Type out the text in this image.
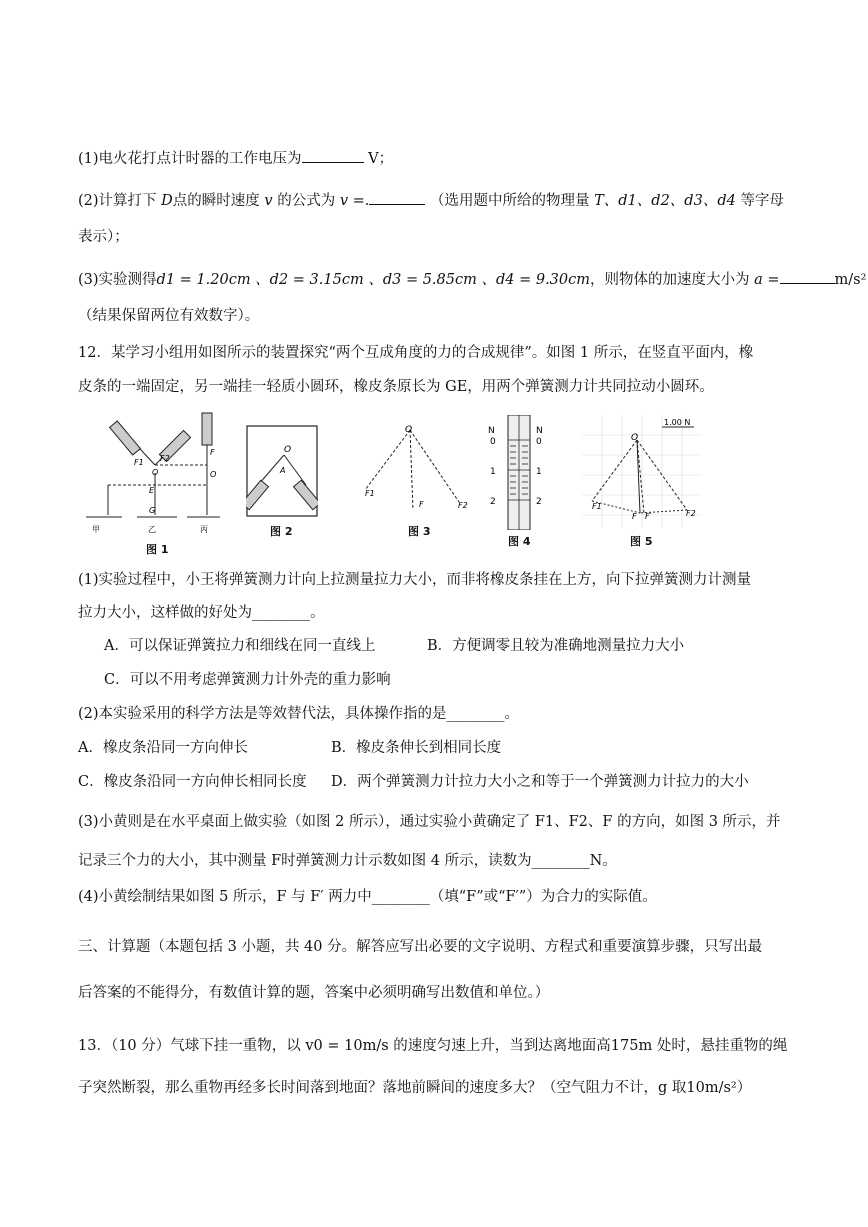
(1)电火花打点计时器的工作电压为	V；
(2)计算打下 D点的瞬时速度 v 的公式为 v =.	（选用题中所给的物理量 T、d1、d2、d3、d4 等字母
表示）；
(3)实验测得d1 = 1.20cm 、d2 = 3.15cm 、d3 = 5.85cm 、d4 = 9.30cm，则物体的加速度大小为 a =	m/s²
（结果保留两位有效数字）。
12．某学习小组用如图所示的装置探究“两个互成角度的力的合成规律”。如图 1 所示，在竖直平面内，橡
皮条的一端固定，另一端挂一轻质小圆环，橡皮条原长为 GE，用两个弹簧测力计共同拉动小圆环。
甲	乙	丙
O
E
G
O
F
F1 F2
图 1
O
A
图 2
O
F1
F	F2
图 3
N	N
0	0
1	1
2	2
图 4
1.00 N
O
F1
F F′	F2
图 5
(1)实验过程中，小王将弹簧测力计向上拉测量拉力大小，而非将橡皮条挂在上方，向下拉弹簧测力计测量
拉力大小，这样做的好处为________。
A．可以保证弹簧拉力和细线在同一直线上	B．方便调零且较为准确地测量拉力大小
C．可以不用考虑弹簧测力计外壳的重力影响
(2)本实验采用的科学方法是等效替代法，具体操作指的是________。
A．橡皮条沿同一方向伸长	B．橡皮条伸长到相同长度
C．橡皮条沿同一方向伸长相同长度 D．两个弹簧测力计拉力大小之和等于一个弹簧测力计拉力的大小
(3)小黄则是在水平桌面上做实验（如图 2 所示），通过实验小黄确定了 F1、F2、F 的方向，如图 3 所示，并
记录三个力的大小，其中测量 F时弹簧测力计示数如图 4 所示，读数为________N。
(4)小黄绘制结果如图 5 所示，F 与 F′ 两力中________（填“F”或“F′”）为合力的实际值。
三、计算题（本题包括 3 小题，共 40 分。解答应写出必要的文字说明、方程式和重要演算步骤，只写出最
后答案的不能得分，有数值计算的题，答案中必须明确写出数值和单位。）
13．（10 分）气球下挂一重物，以 v0 = 10m/s 的速度匀速上升，当到达离地面高175m 处时，悬挂重物的绳
子突然断裂，那么重物再经多长时间落到地面？落地前瞬间的速度多大？（空气阻力不计，g 取10m/s²）
